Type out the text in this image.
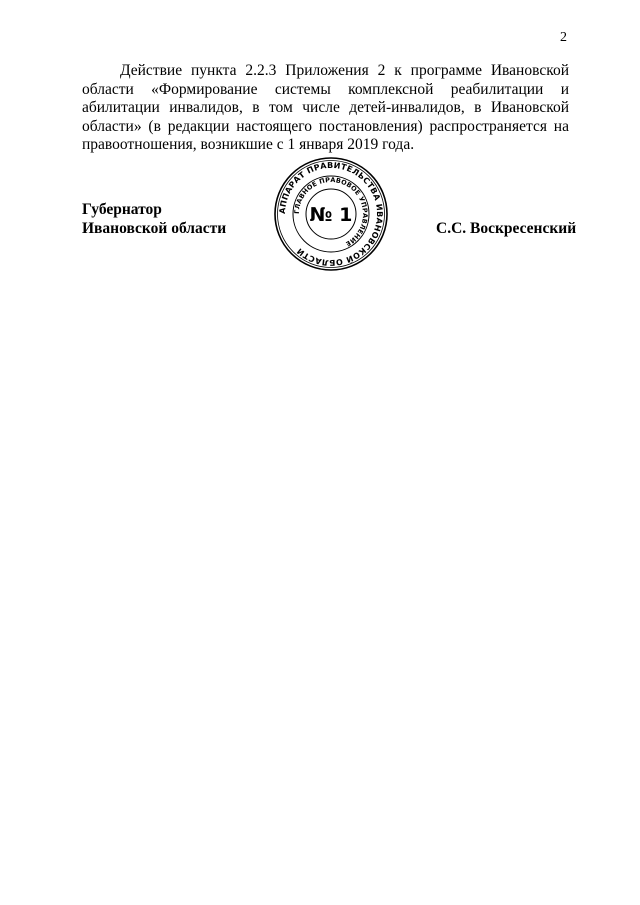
2

Действие пункта 2.2.3 Приложения 2 к программе Ивановской области «Формирование системы комплексной реабилитации и абилитации инвалидов, в том числе детей-инвалидов, в Ивановской области» (в редакции настоящего постановления) распространяется на правоотношения, возникшие с 1 января 2019 года.

Губернатор
Ивановской области	С.С. Воскресенский
АППАРАТ ПРАВИТЕЛЬСТВА ИВАНОВСКОЙ ОБЛАСТИ
ГЛАВНОЕ ПРАВОВОЕ УПРАВЛЕНИЕ
№ 1
